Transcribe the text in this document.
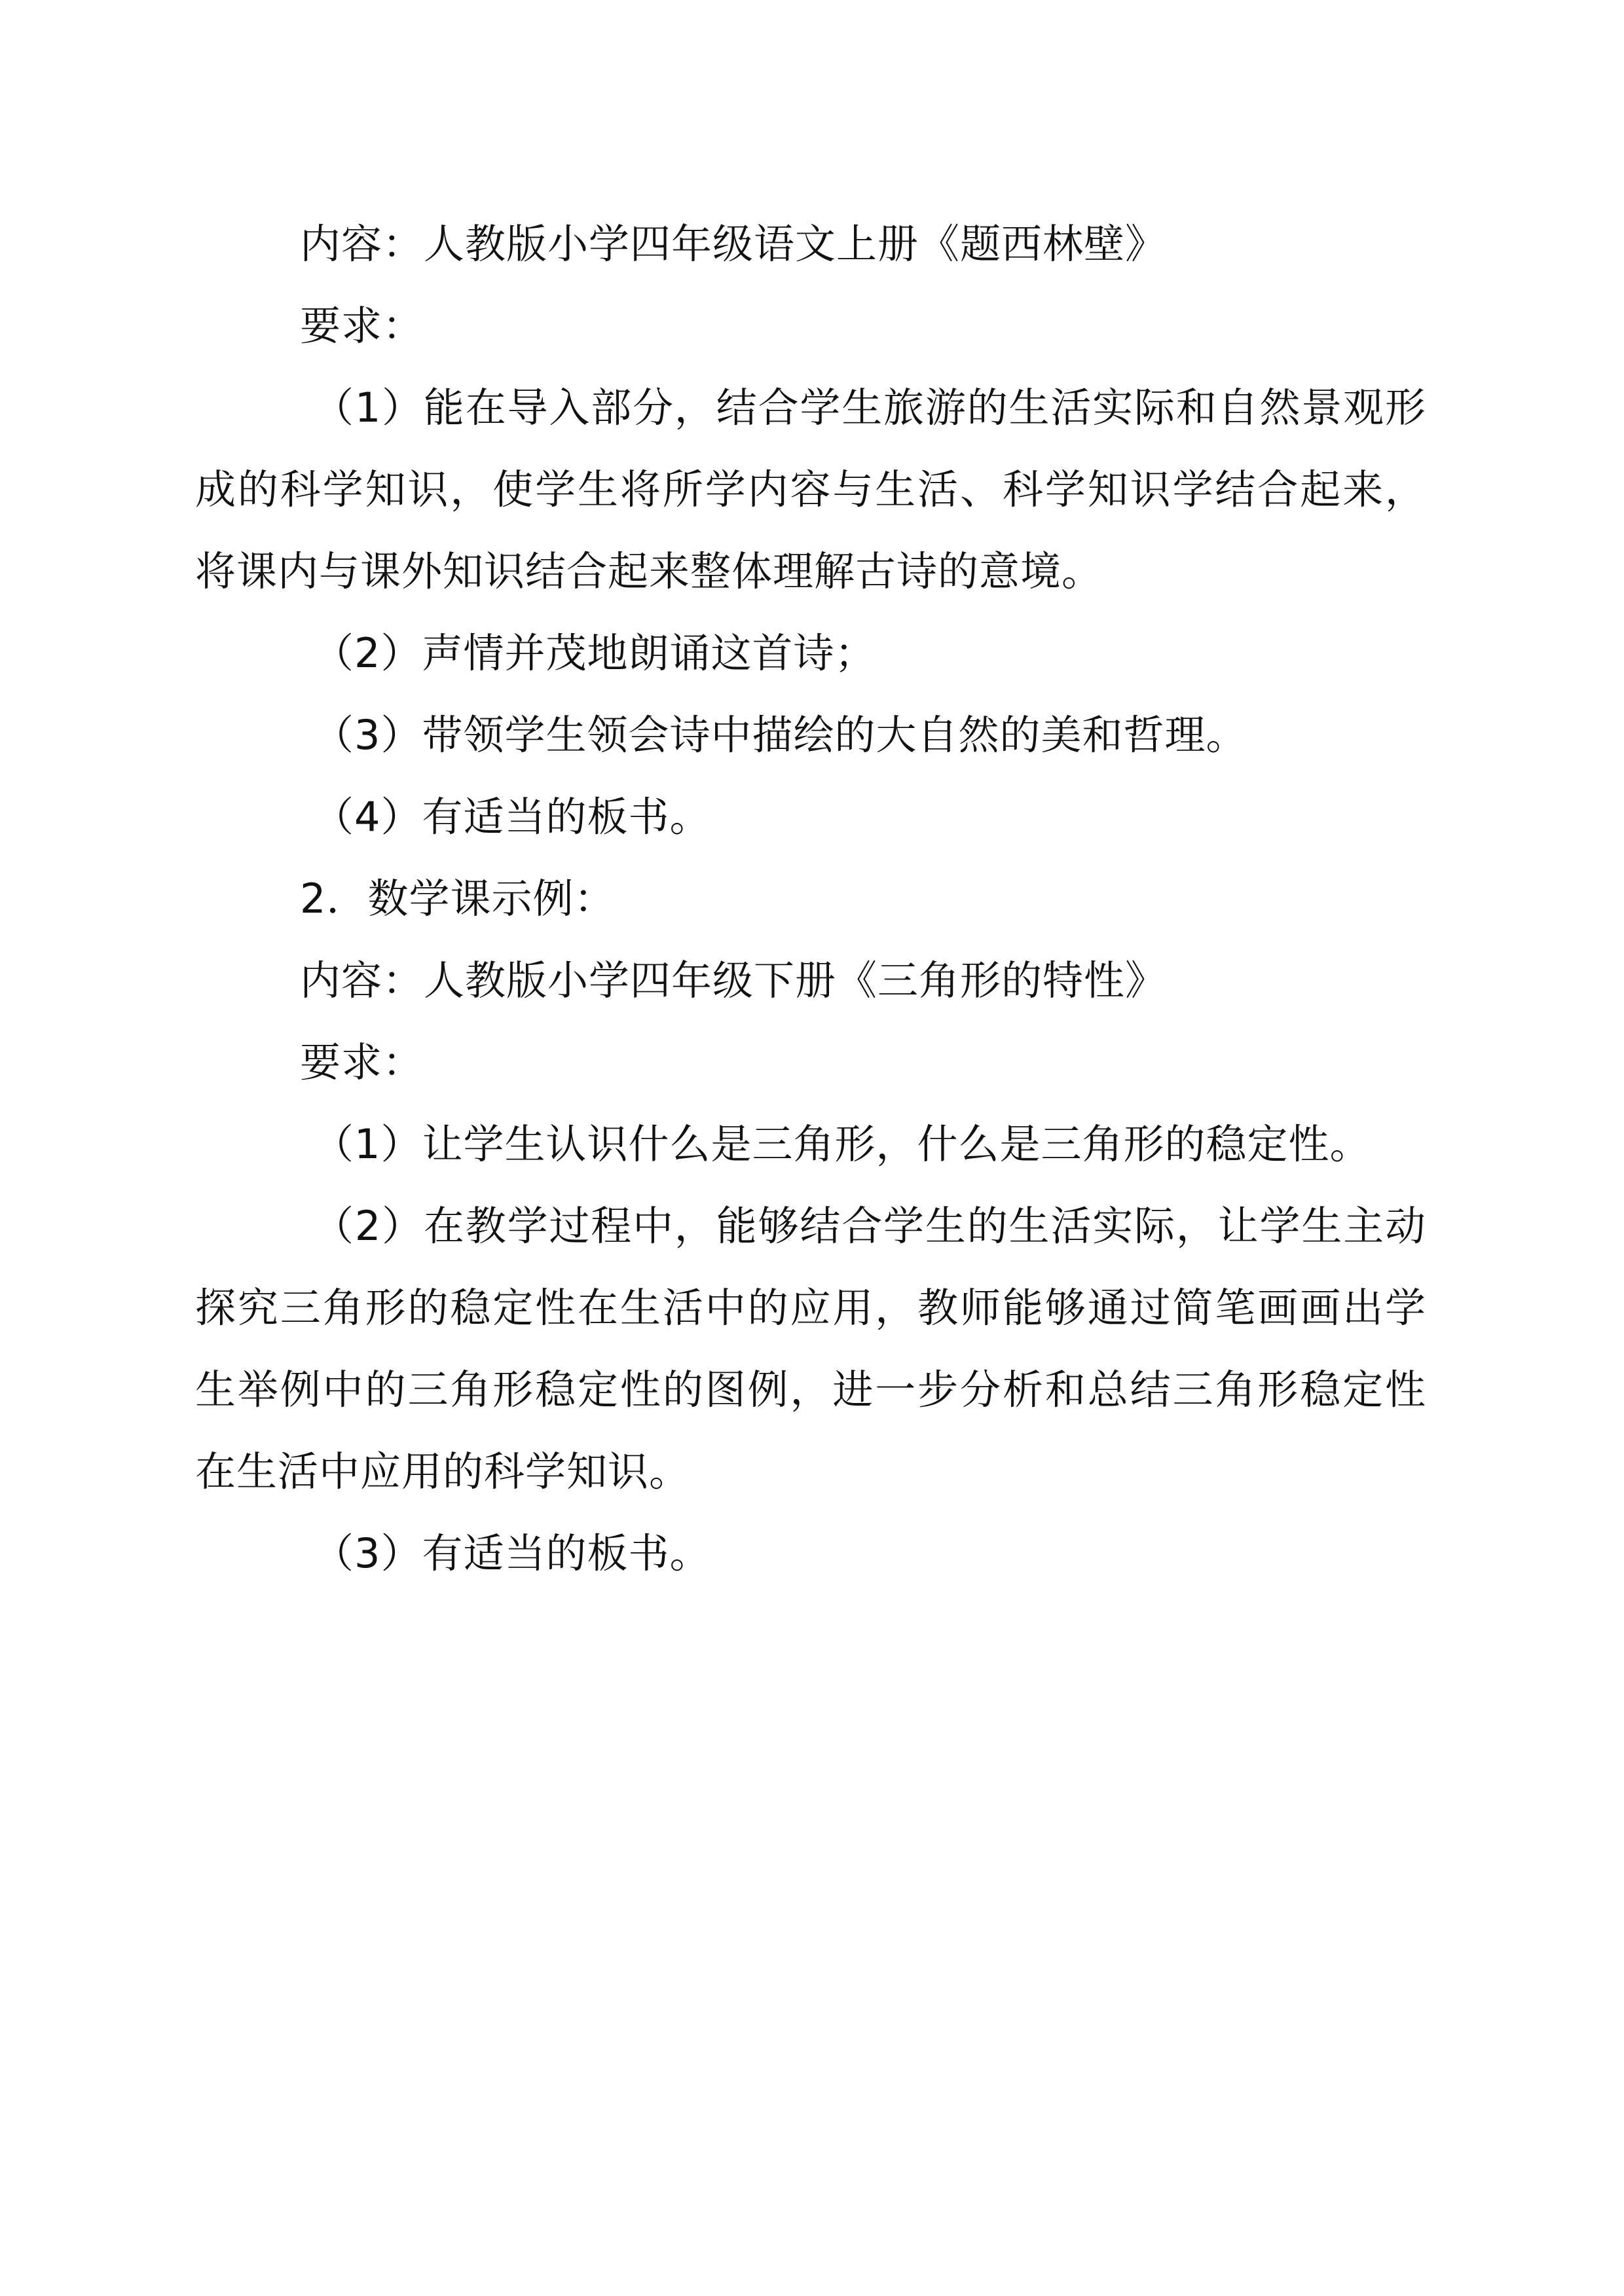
内容：人教版小学四年级语文上册《题西林壁》

要求：

（1）能在导入部分，结合学生旅游的生活实际和自然景观形成的科学知识，使学生将所学内容与生活、科学知识学结合起来，将课内与课外知识结合起来整体理解古诗的意境。

（2）声情并茂地朗诵这首诗；

（3）带领学生领会诗中描绘的大自然的美和哲理。

（4）有适当的板书。

2．数学课示例：

内容：人教版小学四年级下册《三角形的特性》

要求：

（1）让学生认识什么是三角形，什么是三角形的稳定性。

（2）在教学过程中，能够结合学生的生活实际，让学生主动探究三角形的稳定性在生活中的应用，教师能够通过简笔画画出学生举例中的三角形稳定性的图例，进一步分析和总结三角形稳定性在生活中应用的科学知识。

（3）有适当的板书。
